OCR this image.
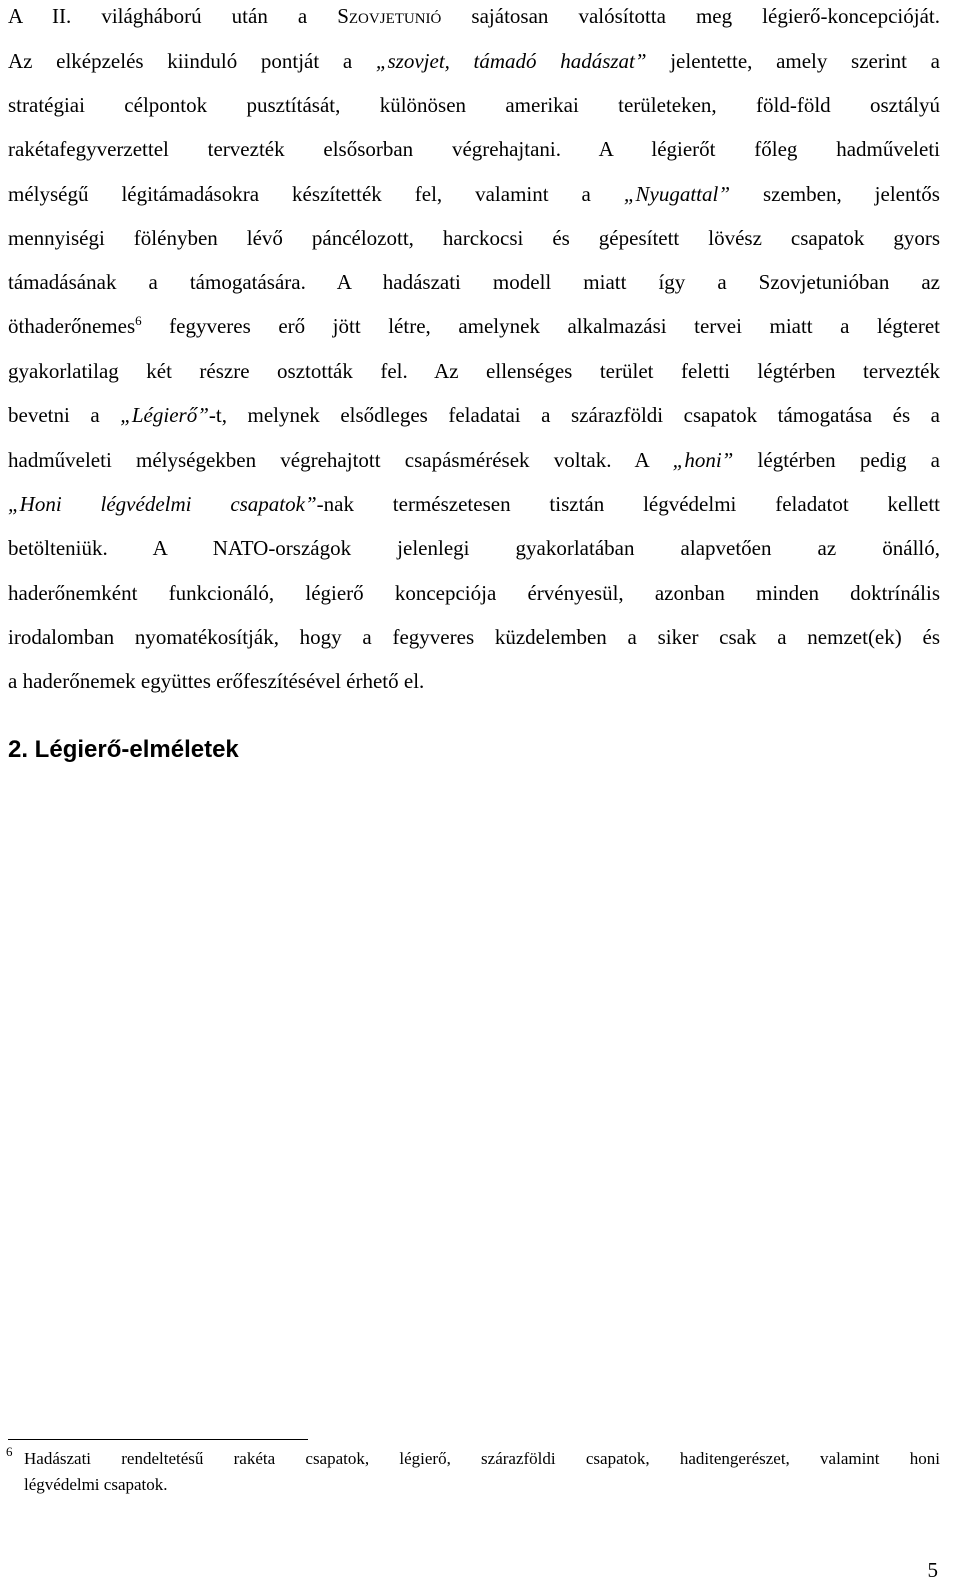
A II. világháború után a Szovjetunió sajátosan valósította meg légierő-koncepcióját.
Az elképzelés kiinduló pontját a „szovjet, támadó hadászat” jelentette, amely szerint a
stratégiai célpontok pusztítását, különösen amerikai területeken, föld-föld osztályú
rakétafegyverzettel tervezték elsősorban végrehajtani. A légierőt főleg hadműveleti
mélységű légitámadásokra készítették fel, valamint a „Nyugattal” szemben, jelentős
mennyiségi fölényben lévő páncélozott, harckocsi és gépesített lövész csapatok gyors
támadásának a támogatására. A hadászati modell miatt így a Szovjetunióban az
öthaderőnemes$^6$ fegyveres erő jött létre, amelynek alkalmazási tervei miatt a légteret
gyakorlatilag két részre osztották fel. Az ellenséges terület feletti légtérben tervezték
bevetni a „Légierő”-t, melynek elsődleges feladatai a szárazföldi csapatok támogatása és a
hadműveleti mélységekben végrehajtott csapásmérések voltak. A „honi” légtérben pedig a
„Honi légvédelmi csapatok”-nak természetesen tisztán légvédelmi feladatot kellett
betölteniük. A NATO-országok jelenlegi gyakorlatában alapvetően az önálló,
haderőnemként funkcionáló, légierő koncepciója érvényesül, azonban minden doktrínális
irodalomban nyomatékosítják, hogy a fegyveres küzdelemben a siker csak a nemzet(ek) és
a haderőnemek együttes erőfeszítésével érhető el.
2. Légierő-elméletek
6 Hadászati rendeltetésű rakéta csapatok, légierő, szárazföldi csapatok, haditengerészet, valamint honi
légvédelmi csapatok.
5
